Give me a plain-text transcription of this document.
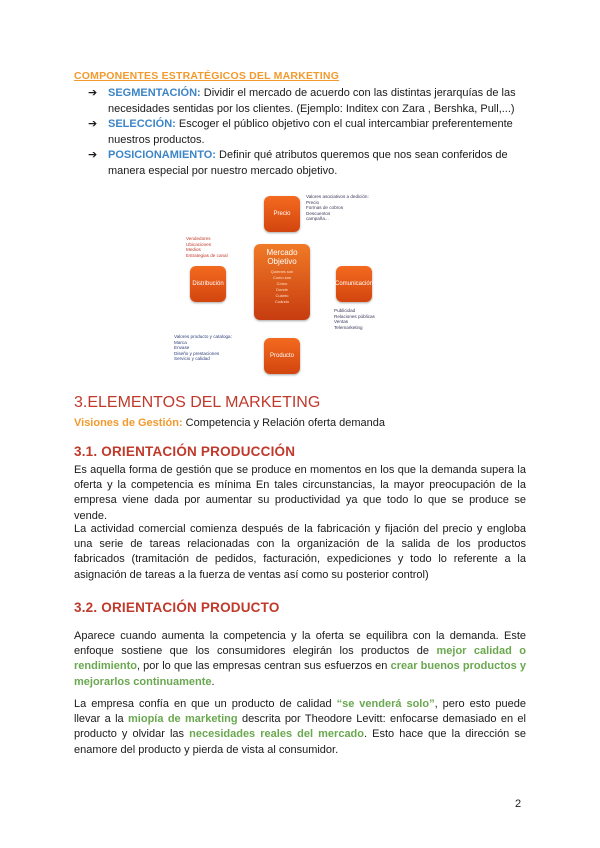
COMPONENTES ESTRATÉGICOS DEL MARKETING
➔ SEGMENTACIÓN: Dividir el mercado de acuerdo con las distintas jerarquías de las necesidades sentidas por los clientes. (Ejemplo: Inditex con Zara , Bershka, Pull,...)
➔ SELECCIÓN: Escoger el público objetivo con el cual intercambiar preferentemente nuestros productos.
➔ POSICIONAMIENTO: Definir qué atributos queremos que nos sean conferidos de manera especial por nuestro mercado objetivo.
Precio
Distribución	Comunicación
Producto
Mercado Objetivo
Quienes son
Como son
Cómo
Donde
Cuánto
Cuándo
Valores asociativos a dedición:
Precio
Formas de cobros
Descuentos
campaña...
Vendedores
Ubicaciones
Medios
Estrategias de canal
Publicidad
Relaciones públicas
Ventas
Telemarketing
Valores producto y cataloga:
Marca
Envase
Diseño y prestaciones
Servicio y calidad
3.ELEMENTOS DEL MARKETING
Visiones de Gestión: Competencia y Relación oferta demanda
3.1. ORIENTACIÓN PRODUCCIÓN

Es aquella forma de gestión que se produce en momentos en los que la demanda supera la oferta y la competencia es mínima En tales circunstancias, la mayor preocupación de la empresa viene dada por aumentar su productividad ya que todo lo que se produce se vende.

La actividad comercial comienza después de la fabricación y fijación del precio y engloba una serie de tareas relacionadas con la organización de la salida de los productos fabricados (tramitación de pedidos, facturación, expediciones y todo lo referente a la asignación de tareas a la fuerza de ventas así como su posterior control)

3.2. ORIENTACIÓN PRODUCTO

Aparece cuando aumenta la competencia y la oferta se equilibra con la demanda. Este enfoque sostiene que los consumidores elegirán los productos de mejor calidad o rendimiento, por lo que las empresas centran sus esfuerzos en crear buenos productos y mejorarlos continuamente.

La empresa confía en que un producto de calidad “se venderá solo”, pero esto puede llevar a la miopía de marketing descrita por Theodore Levitt: enfocarse demasiado en el producto y olvidar las necesidades reales del mercado. Esto hace que la dirección se enamore del producto y pierda de vista al consumidor.

2
